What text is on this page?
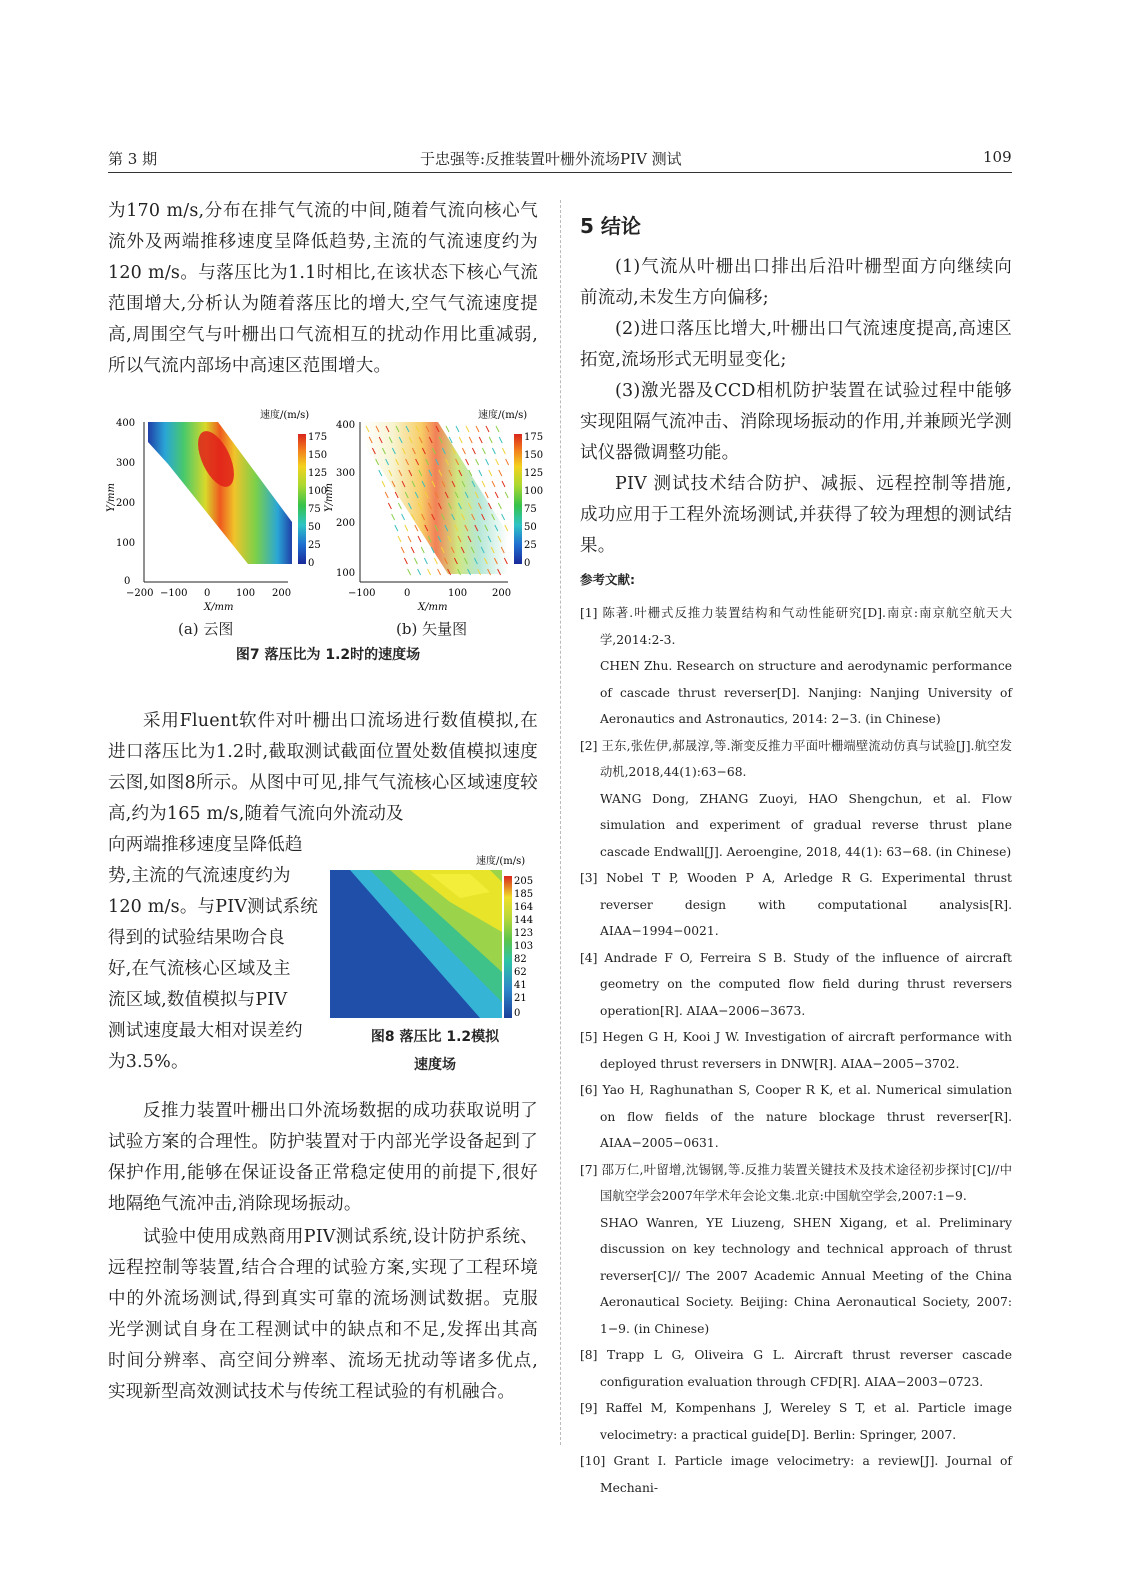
第 3 期	于忠强等:反推装置叶栅外流场PIV 测试	109

为170 m/s,分布在排气气流的中间,随着气流向核心气流外及两端推移速度呈降低趋势,主流的气流速度约为120 m/s。与落压比为1.1时相比,在该状态下核心气流范围增大,分析认为随着落压比的增大,空气气流速度提高,周围空气与叶栅出口气流相互的扰动作用比重减弱,所以气流内部场中高速区范围增大。

400
300
200
100
0
−200 −100 0	100 200
X/mm
Y/mm
速度/(m/s)
175
150
125
100
75
50
25
0
400
300
200
100
−100	0	100 200
X/mm
Y/mm
速度/(m/s)
175
150
125
100
75
50
25
0
(a) 云图	(b) 矢量图
图7 落压比为 1.2时的速度场

采用Fluent软件对叶栅出口流场进行数值模拟,在进口落压比为1.2时,截取测试截面位置处数值模拟速度云图,如图8所示。从图中可见,排气气流核心区域速度较高,约为165 m/s,随着气流向外流动及

向两端推移速度呈降低趋
势,主流的气流速度约为
120 m/s。与PIV测试系统
得到的试验结果吻合良
好,在气流核心区域及主
流区域,数值模拟与PIV
测试速度最大相对误差约
为3.5%。
速度/(m/s)
205
185
164
144
123
103
82
62
41
21
0
图8 落压比 1.2模拟
速度场

反推力装置叶栅出口外流场数据的成功获取说明了试验方案的合理性。防护装置对于内部光学设备起到了保护作用,能够在保证设备正常稳定使用的前提下,很好地隔绝气流冲击,消除现场振动。

试验中使用成熟商用PIV测试系统,设计防护系统、远程控制等装置,结合合理的试验方案,实现了工程环境中的外流场测试,得到真实可靠的流场测试数据。克服光学测试自身在工程测试中的缺点和不足,发挥出其高时间分辨率、高空间分辨率、流场无扰动等诸多优点,实现新型高效测试技术与传统工程试验的有机融合。

5 结论

(1)气流从叶栅出口排出后沿叶栅型面方向继续向前流动,未发生方向偏移;

(2)进口落压比增大,叶栅出口气流速度提高,高速区拓宽,流场形式无明显变化;

(3)激光器及CCD相机防护装置在试验过程中能够实现阻隔气流冲击、消除现场振动的作用,并兼顾光学测试仪器微调整功能。

PIV 测试技术结合防护、减振、远程控制等措施,成功应用于工程外流场测试,并获得了较为理想的测试结果。

参考文献:
[1] 陈著.叶栅式反推力装置结构和气动性能研究[D].南京:南京航空航天大学,2014:2-3.
CHEN Zhu. Research on structure and aerodynamic performance of cascade thrust reverser[D]. Nanjing: Nanjing University of Aeronautics and Astronautics, 2014: 2−3. (in Chinese)
[2] 王东,张佐伊,郝晟淳,等.渐变反推力平面叶栅端壁流动仿真与试验[J].航空发动机,2018,44(1):63−68.
WANG Dong, ZHANG Zuoyi, HAO Shengchun, et al. Flow simulation and experiment of gradual reverse thrust plane cascade Endwall[J]. Aeroengine, 2018, 44(1): 63−68. (in Chinese)
[3] Nobel T P, Wooden P A, Arledge R G. Experimental thrust reverser design with computational analysis[R]. AIAA−1994−0021.
[4] Andrade F O, Ferreira S B. Study of the influence of aircraft geometry on the computed flow field during thrust reversers operation[R]. AIAA−2006−3673.
[5] Hegen G H, Kooi J W. Investigation of aircraft performance with deployed thrust reversers in DNW[R]. AIAA−2005−3702.
[6] Yao H, Raghunathan S, Cooper R K, et al. Numerical simulation on flow fields of the nature blockage thrust reverser[R]. AIAA−2005−0631.
[7] 邵万仁,叶留增,沈锡钢,等.反推力装置关键技术及技术途径初步探讨[C]//中国航空学会2007年学术年会论文集.北京:中国航空学会,2007:1−9.
SHAO Wanren, YE Liuzeng, SHEN Xigang, et al. Preliminary discussion on key technology and technical approach of thrust reverser[C]// The 2007 Academic Annual Meeting of the China Aeronautical Society. Beijing: China Aeronautical Society, 2007: 1−9. (in Chinese)
[8] Trapp L G, Oliveira G L. Aircraft thrust reverser cascade configuration evaluation through CFD[R]. AIAA−2003−0723.
[9] Raffel M, Kompenhans J, Wereley S T, et al. Particle image velocimetry: a practical guide[D]. Berlin: Springer, 2007.
[10] Grant I. Particle image velocimetry: a review[J]. Journal of Mechani-
